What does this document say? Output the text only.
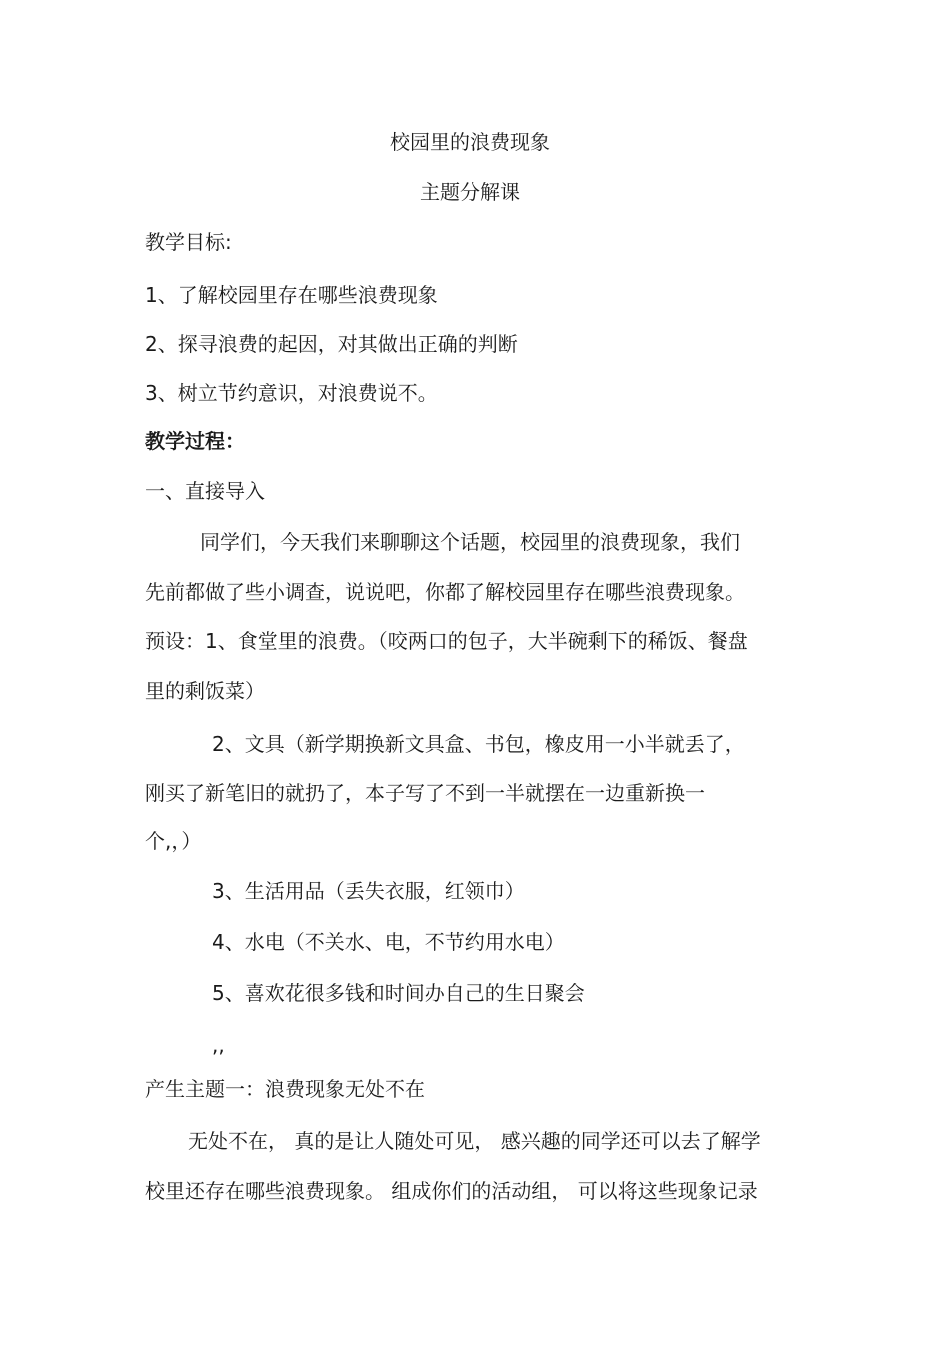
校园里的浪费现象
主题分解课
教学目标:
1、了解校园里存在哪些浪费现象
2、探寻浪费的起因，对其做出正确的判断
3、树立节约意识，对浪费说不。
教学过程：
一、直接导入
同学们，今天我们来聊聊这个话题，校园里的浪费现象，我们
先前都做了些小调查，说说吧，你都了解校园里存在哪些浪费现象。
预设：1、食堂里的浪费。（咬两口的包子，大半碗剩下的稀饭、餐盘
里的剩饭菜）
2、文具（新学期换新文具盒、书包，橡皮用一小半就丢了，
刚买了新笔旧的就扔了，本子写了不到一半就摆在一边重新换一
个,，）
3、生活用品（丢失衣服，红领巾）
4、水电（不关水、电，不节约用水电）
5、喜欢花很多钱和时间办自己的生日聚会
,,
产生主题一：浪费现象无处不在
无处不在， 真的是让人随处可见， 感兴趣的同学还可以去了解学
校里还存在哪些浪费现象。 组成你们的活动组， 可以将这些现象记录
